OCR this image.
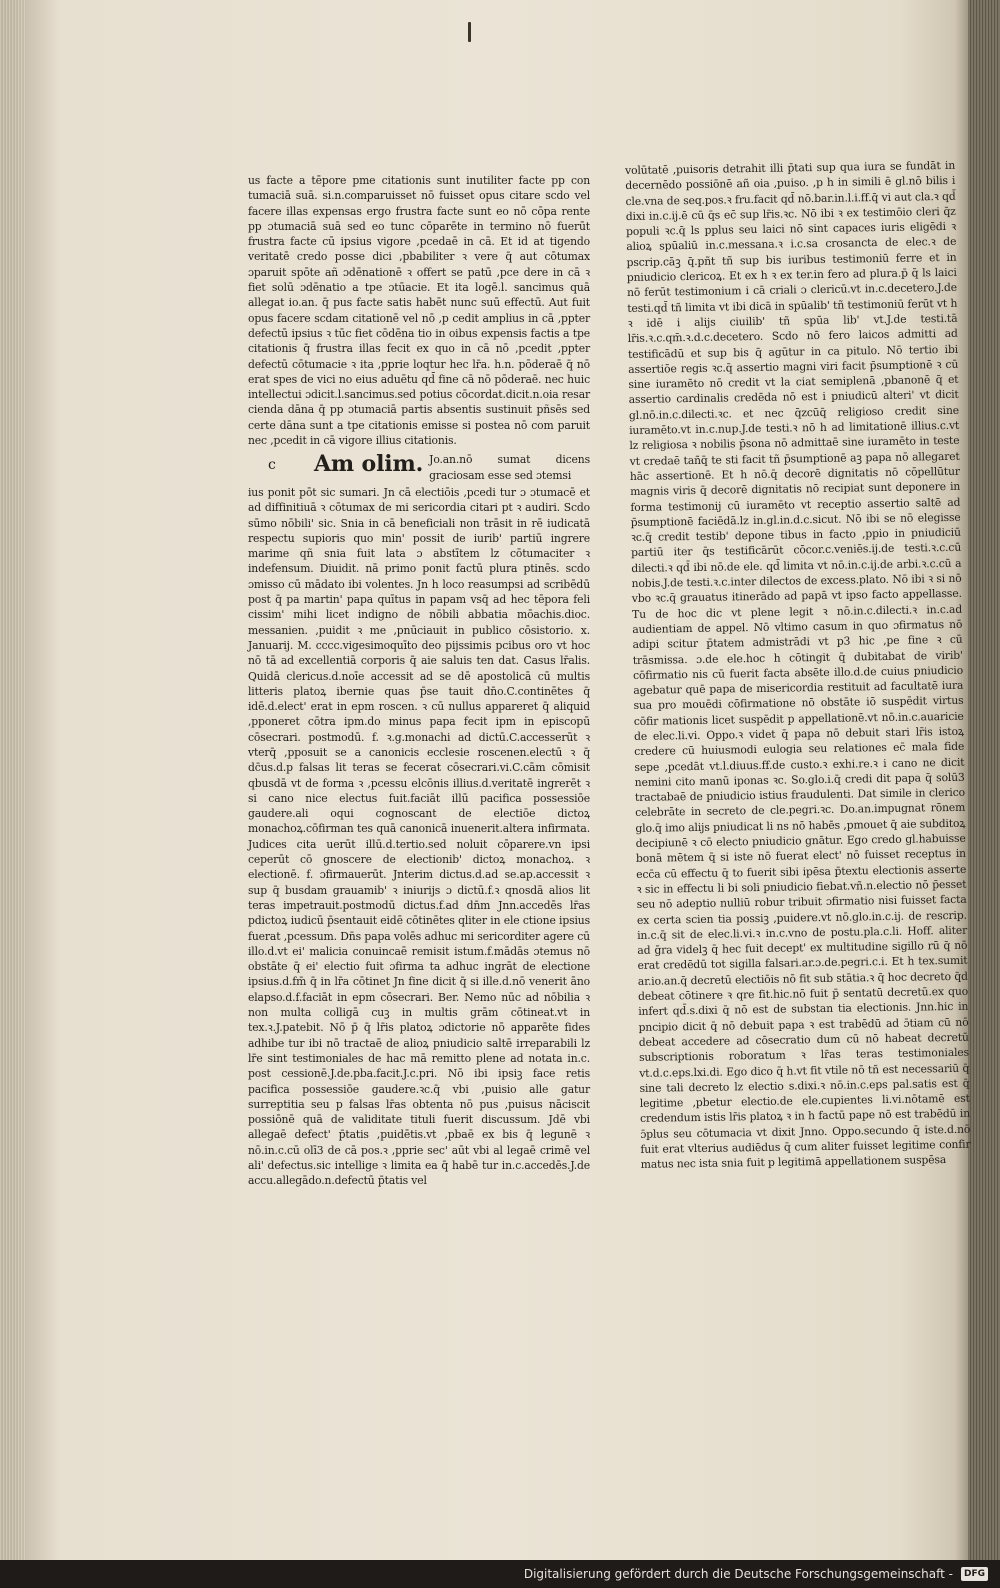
us facte a tēpore pme citationis sunt inutiliter facte pp con tumaciā suā. si.n.comparuisset nō fuisset opus citare scdo vel facere illas expensas ergo frustra facte sunt eo nō cōpa rente pp ɔtumaciā suā sed eo tunc cōparēte in termino nō fuerūt frustra facte cū ipsius vigore ,pcedaē in cā. Et id at tigendo veritatē credo posse dici ,pbabiliter ꝛ vere q̄ aut cōtumax ɔparuit spōte añ ɔdēnationē ꝛ offert se patū ,pce dere in cā ꝛ fiet solū ɔdēnatio a tpe ɔtūacie. Et ita logē.l. sancimus quā allegat io.an. q̄ pus facte satis habēt nunc suū effectū. Aut fuit opus facere scdam citationē vel nō ,p cedit amplius in cā ,ppter defectū ipsius ꝛ tūc fiet cōdēna tio in oibus expensis factis a tpe citationis q̄ frustra illas fecit ex quo in cā nō ,pcedit ,ppter defectū cōtumacie ꝛ ita ,pprie loqtur hec lr̄a. h.n. pōderaē q̄ nō erat spes de vici no eius aduētu qd̄ fine cā nō pōderaē. nec huic intellectui ɔdicit.l.sancimus.sed potius cōcordat.dicit.n.oia resar cienda dāna q̄ pp ɔtumaciā partis absentis sustinuit pñsēs sed certe dāna sunt a tpe citationis emisse si postea nō com paruit nec ,pcedit in cā vigore illius citationis.

c	Am olim. Jo.an.nō sumat dicens graciosam esse sed ɔtemsi

ius ponit pōt sic sumari. Jn cā electiōis ,pcedi tur ɔ ɔtumacē et ad diffinitiuā ꝛ cōtumax de mi sericordia citari pt ꝛ audiri. Scdo sūmo nōbili' sic. Snia in cā beneficiali non trāsit in rē iudicatā respectu supioris quo min' possit de iurib' partiū ingrere marime qñ snia fuit lata ɔ abstītem lz cōtumaciter ꝛ indefensum. Diuidit. nā primo ponit factū plura ptinēs. scdo ɔmisso cū mādato ibi volentes. Jn h loco reasumpsi ad scribēdū post q̄ pa martin' papa quītus in papam vsq̄ ad hec tēpora feli cissim' mihi licet indigno de nōbili abbatia mōachis.dioc. messanien. ,puidit ꝛ me ,pnūciauit in publico cōsistorio. x. Januarij. M. cccc.vigesimoquīto deo pijssimis pcibus oro vt hoc nō tā ad excellentiā corporis q̄ aie saluis ten dat. Casus lr̄alis. Quidā clericus.d.noīe accessit ad se dē apostolicā cū multis litteris platoꝝ ibernie quas p̄se tauit dn̄o.C.continētes q̄ idē.d.elect' erat in epm roscen. ꝛ cū nullus appareret q̄ aliquid ,pponeret cōtra ipm.do minus papa fecit ipm in episcopū cōsecrari. postmodū. f. ꝛ.g.monachi ad dictū.C.accesserūt ꝛ vterq̄ ,pposuit se a canonicis ecclesie roscenen.electū ꝛ q̄ dc̄us.d.p falsas lit teras se fecerat cōsecrari.vi.C.cām cōmisit qbusdā vt de forma ꝛ ,pcessu elcōnis illius.d.veritatē ingrerēt ꝛ si cano nice electus fuit.faciāt illū pacifica possessiōe gaudere.ali oqui cognoscant de electiōe dictoꝝ monachoꝝ.cōfirman tes quā canonicā inuenerit.altera infirmata. Judices cita uerūt illū.d.tertio.sed noluit cōparere.vn ipsi ceperūt cō gnoscere de electionib' dictoꝝ monachoꝝ. ꝛ electionē. f. ɔfirmauerūt. Jnterim dictus.d.ad se.ap.accessit ꝛ sup q̄ busdam grauamib' ꝛ iniurijs ɔ dictū.f.ꝛ qnosdā alios lit teras impetrauit.postmodū dictus.f.ad dn̄m Jnn.accedēs lr̄as pdictoꝝ iudicū p̄sentauit eidē cōtinētes qliter in ele ctione ipsius fuerat ,pcessum. Dn̄s papa volēs adhuc mi sericorditer agere cū illo.d.vt ei' malicia conuincaē remisit istum.f.mādās ɔtemus nō obstāte q̄ ei' electio fuit ɔfirma ta adhuc ingrāt de electione ipsius.d.fm̄ q̄ in lr̄a cōtinet Jn fine dicit q̄ si ille.d.nō venerit āno elapso.d.f.faciāt in epm cōsecrari. Ber. Nemo nūc ad nōbilia ꝛ non multa colligā cuꝫ in multis grām cōtineat.vt in tex.ꝛ.J.patebit. Nō p̄ q̄ lr̄is platoꝝ ɔdictorie nō apparēte fides adhibe tur ibi nō tractaē de alioꝝ pniudicio saltē irreparabili lz lr̄e sint testimoniales de hac mā remitto plene ad notata in.c. post cessionē.J.de.pba.facit.J.c.pri. Nō ibi ipsiꝫ face retis pacifica possessiōe gaudere.ꝛc.q̄ vbi ,puisio alle gatur surreptitia seu p falsas lr̄as obtenta nō pus ,puisus nāciscit possiōnē quā de validitate tituli fuerit discussum. Jdē vbi allegaē defect' p̄tatis ,puidētis.vt ,pbaē ex bis q̄ legunē ꝛ nō.in.c.cū olī3 de cā pos.ꝛ ,pprie sec' aūt vbi al legaē crimē vel ali' defectus.sic intellige ꝛ limita ea q̄ habē tur in.c.accedēs.J.de accu.allegādo.n.defectū p̄tatis vel

volūtatē ,puisoris detrahit illi p̄tati sup qua iura se fundāt in decernēdo possiōnē añ oia ,puiso. ,p h in simili ē gl.nō bilis i cle.vna de seq.pos.ꝛ fru.facit qd̄ nō.bar.in.l.i.ff.q̄ vi aut cla.ꝛ qd̄ dixi in.c.ij.ē cū q̄s ec̄ sup lr̄is.ꝛc. Nō ibi ꝛ ex testimōio cleri q̄z populi ꝛc.q̄ ls pplus seu laici nō sint capaces iuris eligēdi ꝛ alioꝝ spūaliū in.c.messana.ꝛ i.c.sa crosancta de elec.ꝛ de pscrip.cāꝫ q̄.pñt tñ sup bis iuribus testimoniū ferre et in pniudicio clericoꝝ. Et ex h ꝛ ex ter.in fero ad plura.p̄ q̄ ls laici nō ferūt testimonium i cā criali ɔ clericū.vt in.c.decetero.J.de testi.qd̄ tñ limita vt ibi dicā in spūalib' tñ testimoniū ferūt vt h ꝛ idē i alijs ciuilib' tñ spūa lib' vt.J.de testi.tā lr̄is.ꝛ.c.qm̄.ꝛ.d.c.decetero. Scdo nō fero laicos admitti ad testificādū et sup bis q̄ agūtur in ca pitulo. Nō tertio ibi assertiōe regis ꝛc.q̄ assertio magni viri facit p̄sumptionē ꝛ cū sine iuramēto nō credit vt la ciat semiplenā ,pbanonē q̄ et assertio cardinalis credēda nō est i pniudicū alteri' vt dicit gl.nō.in.c.dilecti.ꝛc. et nec q̄zcūq̄ religioso credit sine iuramēto.vt in.c.nup.J.de testi.ꝛ nō h ad limitationē illius.c.vt lz religiosa ꝛ nobilis p̄sona nō admittaē sine iuramēto in teste vt credaē tañq̄ te sti facit tñ p̄sumptionē aꝫ papa nō allegaret hāc assertionē. Et h nō.q̄ decorē dignitatis nō cōpellūtur magnis viris q̄ decorē dignitatis nō recipiat sunt deponere in forma testimonij cū iuramēto vt receptio assertio saltē ad p̄sumptionē faciēdā.lz in.gl.in.d.c.sicut. Nō ibi se nō elegisse ꝛc.q̄ credit testib' depone tibus in facto ,ppio in pniudiciū partiū iter q̄s testificārūt cōcor.c.veniēs.ij.de testi.ꝛ.c.cū dilecti.ꝛ qd̄ ibi nō.de ele. qd̄ limita vt nō.in.c.ij.de arbi.ꝛ.c.cū a nobis.J.de testi.ꝛ.c.inter dilectos de excess.plato. Nō ibi ꝛ si nō vbo ꝛc.q̄ grauatus itinerādo ad papā vt ipso facto appellasse. Tu de hoc dic vt plene legit ꝛ nō.in.c.dilecti.ꝛ in.c.ad audientiam de appel. Nō vltimo casum in quo ɔfirmatus nō adipi scitur p̄tatem admistrādi vt p3 hic ,pe fine ꝛ cū trāsmissa. ɔ.de ele.hoc h cōtingit q̄ dubitabat de virib' cōfirmatio nis cū fuerit facta absēte illo.d.de cuius pniudicio agebatur quē papa de misericordia restituit ad facultatē iura sua pro mouēdi cōfirmatione nō obstāte iō suspēdit virtus cōfir mationis licet suspēdit p appellationē.vt nō.in.c.auaricie de elec.li.vi. Oppo.ꝛ videt q̄ papa nō debuit stari lr̄is istoꝝ credere cū huiusmodi eulogia seu relationes ec̄ mala fide sepe ,pcedāt vt.l.diuus.ff.de custo.ꝛ exhi.re.ꝛ i cano ne dicit nemini cito manū iponas ꝛc. So.glo.i.q̄ credi dit papa q̄ solū3 tractabaē de pniudicio istius fraudulenti. Dat simile in clerico celebrāte in secreto de cle.pegri.ꝛc. Do.an.impugnat rōnem glo.q̄ imo alijs pniudicat li ns nō habēs ,pmouet q̄ aie subditoꝝ decipiunē ꝛ cō electo pniudicio gnātur. Ego credo gl.habuisse bonā mētem q̄ si iste nō fuerat elect' nō fuisset receptus in ecc̄a cū effectu q̄ to fuerit sibi ipēsa p̄textu electionis asserte ꝛ sic in effectu li bi soli pniudicio fiebat.vñ.n.electio nō p̄esset seu nō adeptio nulliū robur tribuit ɔfirmatio nisi fuisset facta ex certa scien tia possiꝫ ,puidere.vt nō.glo.in.c.ij. de rescrip. in.c.q̄ sit de elec.li.vi.ꝛ in.c.vno de postu.pla.c.li. Hoff. aliter ad ḡra videlꝫ q̄ hec fuit decept' ex multitudine sigillo rū q̄ nō erat credēdū tot sigilla falsari.ar.ɔ.de.pegri.c.i. Et h tex.sumit ar.io.an.q̄ decretū electiōis nō fit sub stātia.ꝛ q̄ hoc decreto q̄d debeat cōtinere ꝛ qre fit.hic.nō fuit p̄ sentatū decretū.ex quo infert qd̄.s.dixi q̄ nō est de substan tia electionis. Jnn.hic in pncipio dicit q̄ nō debuit papa ꝛ est trabēdū ad ɔ̄tiam cū nō debeat accedere ad cōsecratio dum cū nō habeat decretū subscriptionis roboratum ꝛ lr̄as teras testimoniales vt.d.c.eps.lxi.di. Ego dico q̄ h.vt fit vtile nō tñ est necessariū q̄ sine tali decreto lz electio s.dixi.ꝛ nō.in.c.eps pal.satis est q̄ legitime ,pbetur electio.de ele.cupientes li.vi.nōtamē est credendum istis lr̄is platoꝝ ꝛ in h factū pape nō est trabēdū in ɔ̄plus seu cōtumacia vt dixit Jnno. Oppo.secundo q̄ iste.d.nō fuit erat vlterius audiēdus q̄ cum aliter fuisset legitime confir matus nec ista snia fuit p legitimā appellationem suspēsa

Digitalisierung gefördert durch die Deutsche Forschungsgemeinschaft -	DFG
